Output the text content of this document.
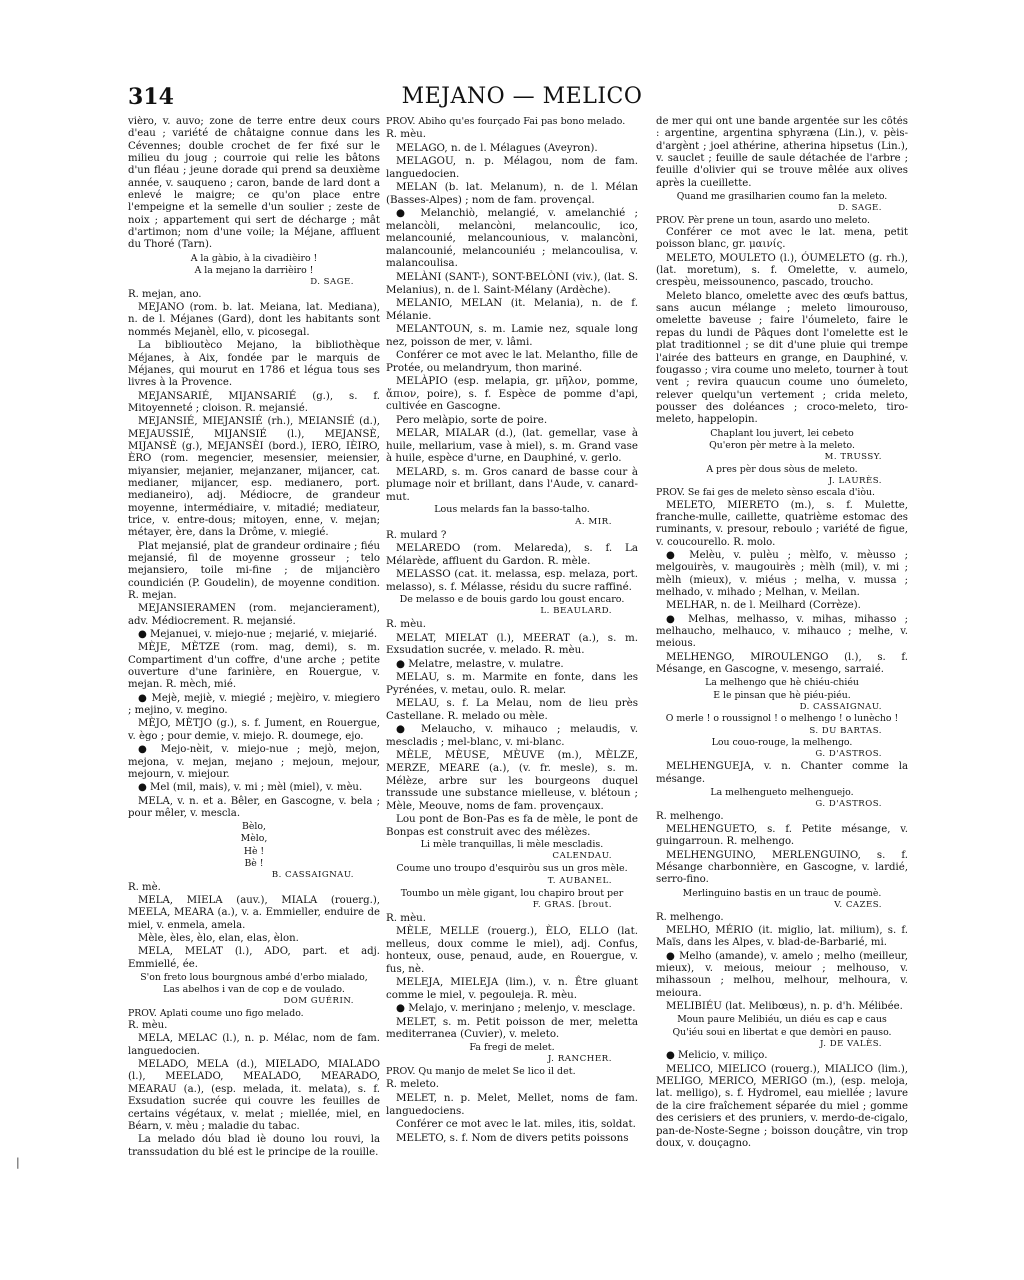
314	MEJANO — MELICO
vièro, v. auvo; zone de terre entre deux cours d'eau ; variété de châtaigne connue dans les Cévennes; double crochet de fer fixé sur le milieu du joug ; courroie qui relie les bâtons d'un fléau ; jeune dorade qui prend sa deuxième année, v. sauqueno ; caron, bande de lard dont a enlevé le maigre; ce qu'on place entre l'empeigne et la semelle d'un soulier ; zeste de noix ; appartement qui sert de décharge ; mât d'artimon; nom d'une voile; la Méjane, affluent du Thoré (Tarn).
A la gàbio, à la civadièiro !
A la mejano la darrièiro !
D. SAGE.
R. mejan, ano.
MEJANO (rom. b. lat. Meiana, lat. Mediana), n. de l. Méjanes (Gard), dont les habitants sont nommés Mejanèl, ello, v. picosegal.
La biblioutèco Mejano, la bibliothèque Méjanes, à Aix, fondée par le marquis de Méjanes, qui mourut en 1786 et légua tous ses livres à la Provence.
MEJANSARIÉ, MIJANSARIÉ (g.), s. f. Mitoyenneté ; cloison. R. mejansié.
MEJANSIÉ, MIEJANSIÉ (rh.), MEIANSIÉ (d.), MEJAUSSIÉ, MIJANSIÉ (l.), MEJANSÈ, MIJANSÈ (g.), MEJANSÈI (bord.), IERO, IÈIRO, ÈRO (rom. megencier, mesensier, meiensier, miyansier, mejanier, mejanzaner, mijancer, cat. medianer, mijancer, esp. medianero, port. medianeiro), adj. Médiocre, de grandeur moyenne, intermédiaire, v. mitadié; mediateur, trice, v. entre-dous; mitoyen, enne, v. mejan; métayer, ère, dans la Drôme, v. miegié.
Plat mejansié, plat de grandeur ordinaire ; fiéu mejansié, fil de moyenne grosseur ; telo mejansiero, toile mi-fine ; de mijancièro coundicién (P. Goudelin), de moyenne condition. R. mejan.
MEJANSIERAMEN (rom. mejancierament), adv. Médiocrement. R. mejansié.
● Mejanuei, v. miejo-nue ; mejarié, v. miejarié.
MÈJE, MÈTZE (rom. mag, demi), s. m. Compartiment d'un coffre, d'une arche ; petite ouverture d'une farinière, en Rouergue, v. mejan. R. mèch, mié.
● Mejè, mejiè, v. miegié ; mejèiro, v. miegiero ; mejino, v. megino.
MÈJO, MÈTJO (g.), s. f. Jument, en Rouergue, v. ègo ; pour demie, v. miejo. R. doumege, ejo.
● Mejo-nèit, v. miejo-nue ; mejò, mejon, mejona, v. mejan, mejano ; mejoun, mejour, mejourn, v. miejour.
● Mel (mil, mais), v. mi ; mèl (miel), v. mèu.
MELA, v. n. et a. Bêler, en Gascogne, v. bela ; pour mêler, v. mescla.
Bèlo,
Mèlo,
Hè !
Bè !
B. CASSAIGNAU.
R. mè.
MELA, MIELA (auv.), MIALA (rouerg.), MEELA, MEARA (a.), v. a. Emmieller, enduire de miel, v. enmela, amela.
Mèle, èles, èlo, elan, elas, èlon.
MELA, MELAT (l.), ADO, part. et adj. Emmiellé, ée.
S'on freto lous bourgnous ambé d'erbo mialado,
Las abelhos i van de cop e de voulado.
DOM GUÉRIN.
PROV. Aplati coume uno figo melado.
R. mèu.
MELA, MELAC (l.), n. p. Mélac, nom de fam. languedocien.
MELADO, MELA (d.), MIELADO, MIALADO (l.), MEELADO, MEALADO, MEARADO, MEARAU (a.), (esp. melada, it. melata), s. f. Exsudation sucrée qui couvre les feuilles de certains végétaux, v. melat ; miellée, miel, en Béarn, v. mèu ; maladie du tabac.
La melado dóu blad iè douno lou rouvi, la transsudation du blé est le principe de la rouille.
PROV. Abiho qu'es fourçado Fai pas bono melado.
R. mèu.
MELAGO, n. de l. Mélagues (Aveyron).
MELAGOU, n. p. Mélagou, nom de fam. languedocien.
MELAN (b. lat. Melanum), n. de l. Mélan (Basses-Alpes) ; nom de fam. provençal.
● Melanchiò, melangié, v. amelanchié ; melancòli, melancòni, melancoulic, ico, melancounié, melancounious, v. malancòni, malancounié, melancouniéu ; melancoulisa, v. malancoulisa.
MELÀNI (SANT-), SONT-BELÒNI (viv.), (lat. S. Melanius), n. de l. Saint-Mélany (Ardèche).
MELANIO, MELAN (it. Melania), n. de f. Mélanie.
MELANTOUN, s. m. Lamie nez, squale long nez, poisson de mer, v. lâmi.
Conférer ce mot avec le lat. Melantho, fille de Protée, ou melandryum, thon mariné.
MELÀPIO (esp. melapia, gr. μῆλον, pomme, ἄπιον, poire), s. f. Espèce de pomme d'api, cultivée en Gascogne.
Pero melàpio, sorte de poire.
MELAR, MIALAR (d.), (lat. gemellar, vase à huile, mellarium, vase à miel), s. m. Grand vase à huile, espèce d'urne, en Dauphiné, v. gerlo.
MELARD, s. m. Gros canard de basse cour à plumage noir et brillant, dans l'Aude, v. canard-mut.
Lous melards fan la basso-talho.
A. MIR.
R. mulard ?
MELAREDO (rom. Melareda), s. f. La Mélarède, affluent du Gardon. R. mèle.
MELASSO (cat. it. melassa, esp. melaza, port. melasso), s. f. Mélasse, résidu du sucre raffiné.
De melasso e de bouis gardo lou goust encaro.
L. BEAULARD.
R. mèu.
MELAT, MIELAT (l.), MEERAT (a.), s. m. Exsudation sucrée, v. melado. R. mèu.
● Melatre, melastre, v. mulatre.
MELAU, s. m. Marmite en fonte, dans les Pyrénées, v. metau, oulo. R. melar.
MELAU, s. f. La Melau, nom de lieu près Castellane. R. melado ou mèle.
● Melaucho, v. mihauco ; melaudis, v. mescladis ; mel-blanc, v. mi-blanc.
MÈLE, MÈUSE, MÈUVE (m.), MÈLZE, MERZE, MEARE (a.), (v. fr. mesle), s. m. Mélèze, arbre sur les bourgeons duquel transsude une substance mielleuse, v. blétoun ; Mèle, Meouve, noms de fam. provençaux.
Lou pont de Bon-Pas es fa de mèle, le pont de Bonpas est construit avec des mélèzes.
Li mèle tranquillas, li mèle mescladis.
CALENDAU.
Coume uno troupo d'esquiròu sus un gros mèle.
T. AUBANEL.
Toumbo un mèle gigant, lou chapiro brout per
F. GRAS. [brout.
R. mèu.
MÈLE, MELLE (rouerg.), ÈLO, ELLO (lat. melleus, doux comme le miel), adj. Confus, honteux, ouse, penaud, aude, en Rouergue, v. fus, nè.
MELEJA, MIELEJA (lim.), v. n. Être gluant comme le miel, v. pegouleja. R. mèu.
● Melajo, v. merinjano ; melenjo, v. mesclage.
MELET, s. m. Petit poisson de mer, meletta mediterranea (Cuvier), v. meleto.
Fa fregi de melet.
J. RANCHER.
PROV. Qu manjo de melet Se lico il det.
R. meleto.
MELET, n. p. Melet, Mellet, noms de fam. languedociens.
Conférer ce mot avec le lat. miles, itis, soldat.
MELETO, s. f. Nom de divers petits poissons
de mer qui ont une bande argentée sur les côtés : argentine, argentina sphyræna (Lin.), v. pèis-d'argènt ; joel athérine, atherina hipsetus (Lin.), v. sauclet ; feuille de saule détachée de l'arbre ; feuille d'olivier qui se trouve mêlée aux olives après la cueillette.
Quand me grasilharien coumo fan la meleto.
D. SAGE.
PROV. Pèr prene un toun, asardo uno meleto.
Conférer ce mot avec le lat. mena, petit poisson blanc, gr. μαινίς.
MELETO, MOULETO (l.), ÓUMELETO (g. rh.), (lat. moretum), s. f. Omelette, v. aumelo, crespèu, meissounenco, pascado, troucho.
Meleto blanco, omelette avec des œufs battus, sans aucun mélange ; meleto limourouso, omelette baveuse ; faire l'óumeleto, faire le repas du lundi de Pâques dont l'omelette est le plat traditionnel ; se dit d'une pluie qui trempe l'airée des batteurs en grange, en Dauphiné, v. fougasso ; vira coume uno meleto, tourner à tout vent ; revira quaucun coume uno óumeleto, relever quelqu'un vertement ; crida meleto, pousser des doléances ; croco-meleto, tiro-meleto, happelopin.
Chaplant lou juvert, lei cebeto
Qu'eron pèr metre à la meleto.
M. TRUSSY.
A pres pèr dous sòus de meleto.
J. LAURÈS.
PROV. Se fai ges de meleto sènso escala d'iòu.
MELETO, MIERETO (m.), s. f. Mulette, franche-mulle, caillette, quatrième estomac des ruminants, v. presour, reboulo ; variété de figue, v. coucourello. R. molo.
● Melèu, v. pulèu ; mèlfo, v. mèusso ; melgouirès, v. maugouirès ; mèlh (mil), v. mi ; mèlh (mieux), v. miéus ; melha, v. mussa ; melhado, v. mihado ; Melhan, v. Meilan.
MELHAR, n. de l. Meilhard (Corrèze).
● Melhas, melhasso, v. mihas, mihasso ; melhaucho, melhauco, v. mihauco ; melhe, v. meious.
MELHENGO, MIROULENGO (l.), s. f. Mésange, en Gascogne, v. mesengo, sarraié.
La melhengo que hè chiéu-chiéu
E le pinsan que hè piéu-piéu.
D. CASSAIGNAU.
O merle ! o roussignol ! o melhengo ! o lunècho !
S. DU BARTAS.
Lou couo-rouge, la melhengo.
G. D'ASTROS.
MELHENGUEJA, v. n. Chanter comme la mésange.
La melhengueto melhenguejo.
G. D'ASTROS.
R. melhengo.
MELHENGUETO, s. f. Petite mésange, v. guingarroun. R. melhengo.
MELHENGUINO, MERLENGUINO, s. f. Mésange charbonnière, en Gascogne, v. lardié, serro-fino.
Merlinguino bastis en un trauc de poumè.
V. CAZES.
R. melhengo.
MELHO, MÉRIO (it. miglio, lat. milium), s. f. Maïs, dans les Alpes, v. blad-de-Barbarié, mi.
● Melho (amande), v. amelo ; melho (meilleur, mieux), v. meious, meiour ; melhouso, v. mihassoun ; melhou, melhour, melhoura, v. meioura.
MELIBIÉU (lat. Melibœus), n. p. d'h. Mélibée.
Moun paure Melibiéu, un diéu es cap e caus
Qu'iéu soui en libertat e que demòri en pauso.
J. DE VALÈS.
● Melicio, v. miliço.
MELICO, MIELICO (rouerg.), MIALICO (lim.), MELIGO, MERICO, MERIGO (m.), (esp. meloja, lat. melligo), s. f. Hydromel, eau miellée ; lavure de la cire fraîchement séparée du miel ; gomme des cerisiers et des pruniers, v. merdo-de-cigalo, pan-de-Noste-Segne ; boisson douçâtre, vin trop doux, v. douçagno.
|
